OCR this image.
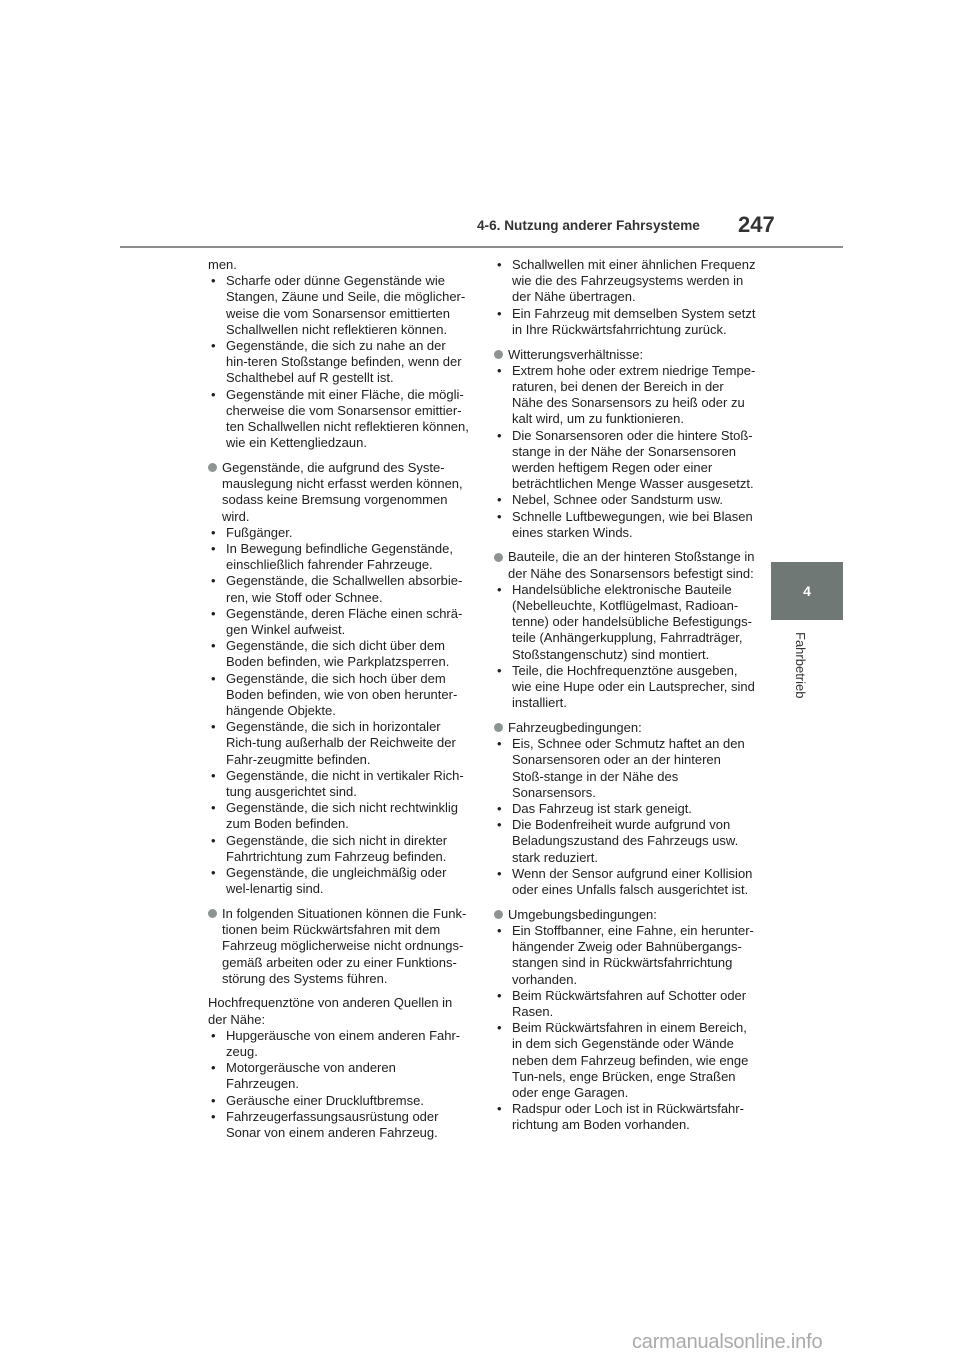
4-6. Nutzung anderer Fahrsysteme 247
4
Fahrbetrieb

men.

• Scharfe oder dünne Gegenstände wie Stangen, Zäune und Seile, die möglicher-weise die vom Sonarsensor emittierten Schallwellen nicht reflektieren können.
• Gegenstände, die sich zu nahe an der hin-teren Stoßstange befinden, wenn der Schalthebel auf R gestellt ist.
• Gegenstände mit einer Fläche, die mögli-cherweise die vom Sonarsensor emittier-ten Schallwellen nicht reflektieren können, wie ein Kettengliedzaun.
Gegenstände, die aufgrund des Syste-mauslegung nicht erfasst werden können, sodass keine Bremsung vorgenommen wird.
• Fußgänger.
• In Bewegung befindliche Gegenstände, einschließlich fahrender Fahrzeuge.
• Gegenstände, die Schallwellen absorbie-ren, wie Stoff oder Schnee.
• Gegenstände, deren Fläche einen schrä-gen Winkel aufweist.
• Gegenstände, die sich dicht über dem Boden befinden, wie Parkplatzsperren.
• Gegenstände, die sich hoch über dem Boden befinden, wie von oben herunter-hängende Objekte.
• Gegenstände, die sich in horizontaler Rich-tung außerhalb der Reichweite der Fahr-zeugmitte befinden.
• Gegenstände, die nicht in vertikaler Rich-tung ausgerichtet sind.
• Gegenstände, die sich nicht rechtwinklig zum Boden befinden.
• Gegenstände, die sich nicht in direkter Fahrtrichtung zum Fahrzeug befinden.
• Gegenstände, die ungleichmäßig oder wel-lenartig sind.
In folgenden Situationen können die Funk-tionen beim Rückwärtsfahren mit dem Fahrzeug möglicherweise nicht ordnungs-gemäß arbeiten oder zu einer Funktions-störung des Systems führen.

Hochfrequenztöne von anderen Quellen in der Nähe:

• Hupgeräusche von einem anderen Fahr-zeug.
• Motorgeräusche von anderen Fahrzeugen.
• Geräusche einer Druckluftbremse.
• Fahrzeugerfassungsausrüstung oder Sonar von einem anderen Fahrzeug.
• Schallwellen mit einer ähnlichen Frequenz wie die des Fahrzeugsystems werden in der Nähe übertragen.
• Ein Fahrzeug mit demselben System setzt in Ihre Rückwärtsfahrrichtung zurück.
Witterungsverhältnisse:
• Extrem hohe oder extrem niedrige Tempe-raturen, bei denen der Bereich in der Nähe des Sonarsensors zu heiß oder zu kalt wird, um zu funktionieren.
• Die Sonarsensoren oder die hintere Stoß-stange in der Nähe der Sonarsensoren werden heftigem Regen oder einer beträchtlichen Menge Wasser ausgesetzt.
• Nebel, Schnee oder Sandsturm usw.
• Schnelle Luftbewegungen, wie bei Blasen eines starken Winds.
Bauteile, die an der hinteren Stoßstange in der Nähe des Sonarsensors befestigt sind:
• Handelsübliche elektronische Bauteile (Nebelleuchte, Kotflügelmast, Radioan-tenne) oder handelsübliche Befestigungs-teile (Anhängerkupplung, Fahrradträger, Stoßstangenschutz) sind montiert.
• Teile, die Hochfrequenztöne ausgeben, wie eine Hupe oder ein Lautsprecher, sind installiert.
Fahrzeugbedingungen:
• Eis, Schnee oder Schmutz haftet an den Sonarsensoren oder an der hinteren Stoß-stange in der Nähe des Sonarsensors.
• Das Fahrzeug ist stark geneigt.
• Die Bodenfreiheit wurde aufgrund von Beladungszustand des Fahrzeugs usw. stark reduziert.
• Wenn der Sensor aufgrund einer Kollision oder eines Unfalls falsch ausgerichtet ist.
Umgebungsbedingungen:
• Ein Stoffbanner, eine Fahne, ein herunter-hängender Zweig oder Bahnübergangs-stangen sind in Rückwärtsfahrrichtung vorhanden.
• Beim Rückwärtsfahren auf Schotter oder Rasen.
• Beim Rückwärtsfahren in einem Bereich, in dem sich Gegenstände oder Wände neben dem Fahrzeug befinden, wie enge Tun-nels, enge Brücken, enge Straßen oder enge Garagen.
• Radspur oder Loch ist in Rückwärtsfahr-richtung am Boden vorhanden.
carmanualsonline.info
